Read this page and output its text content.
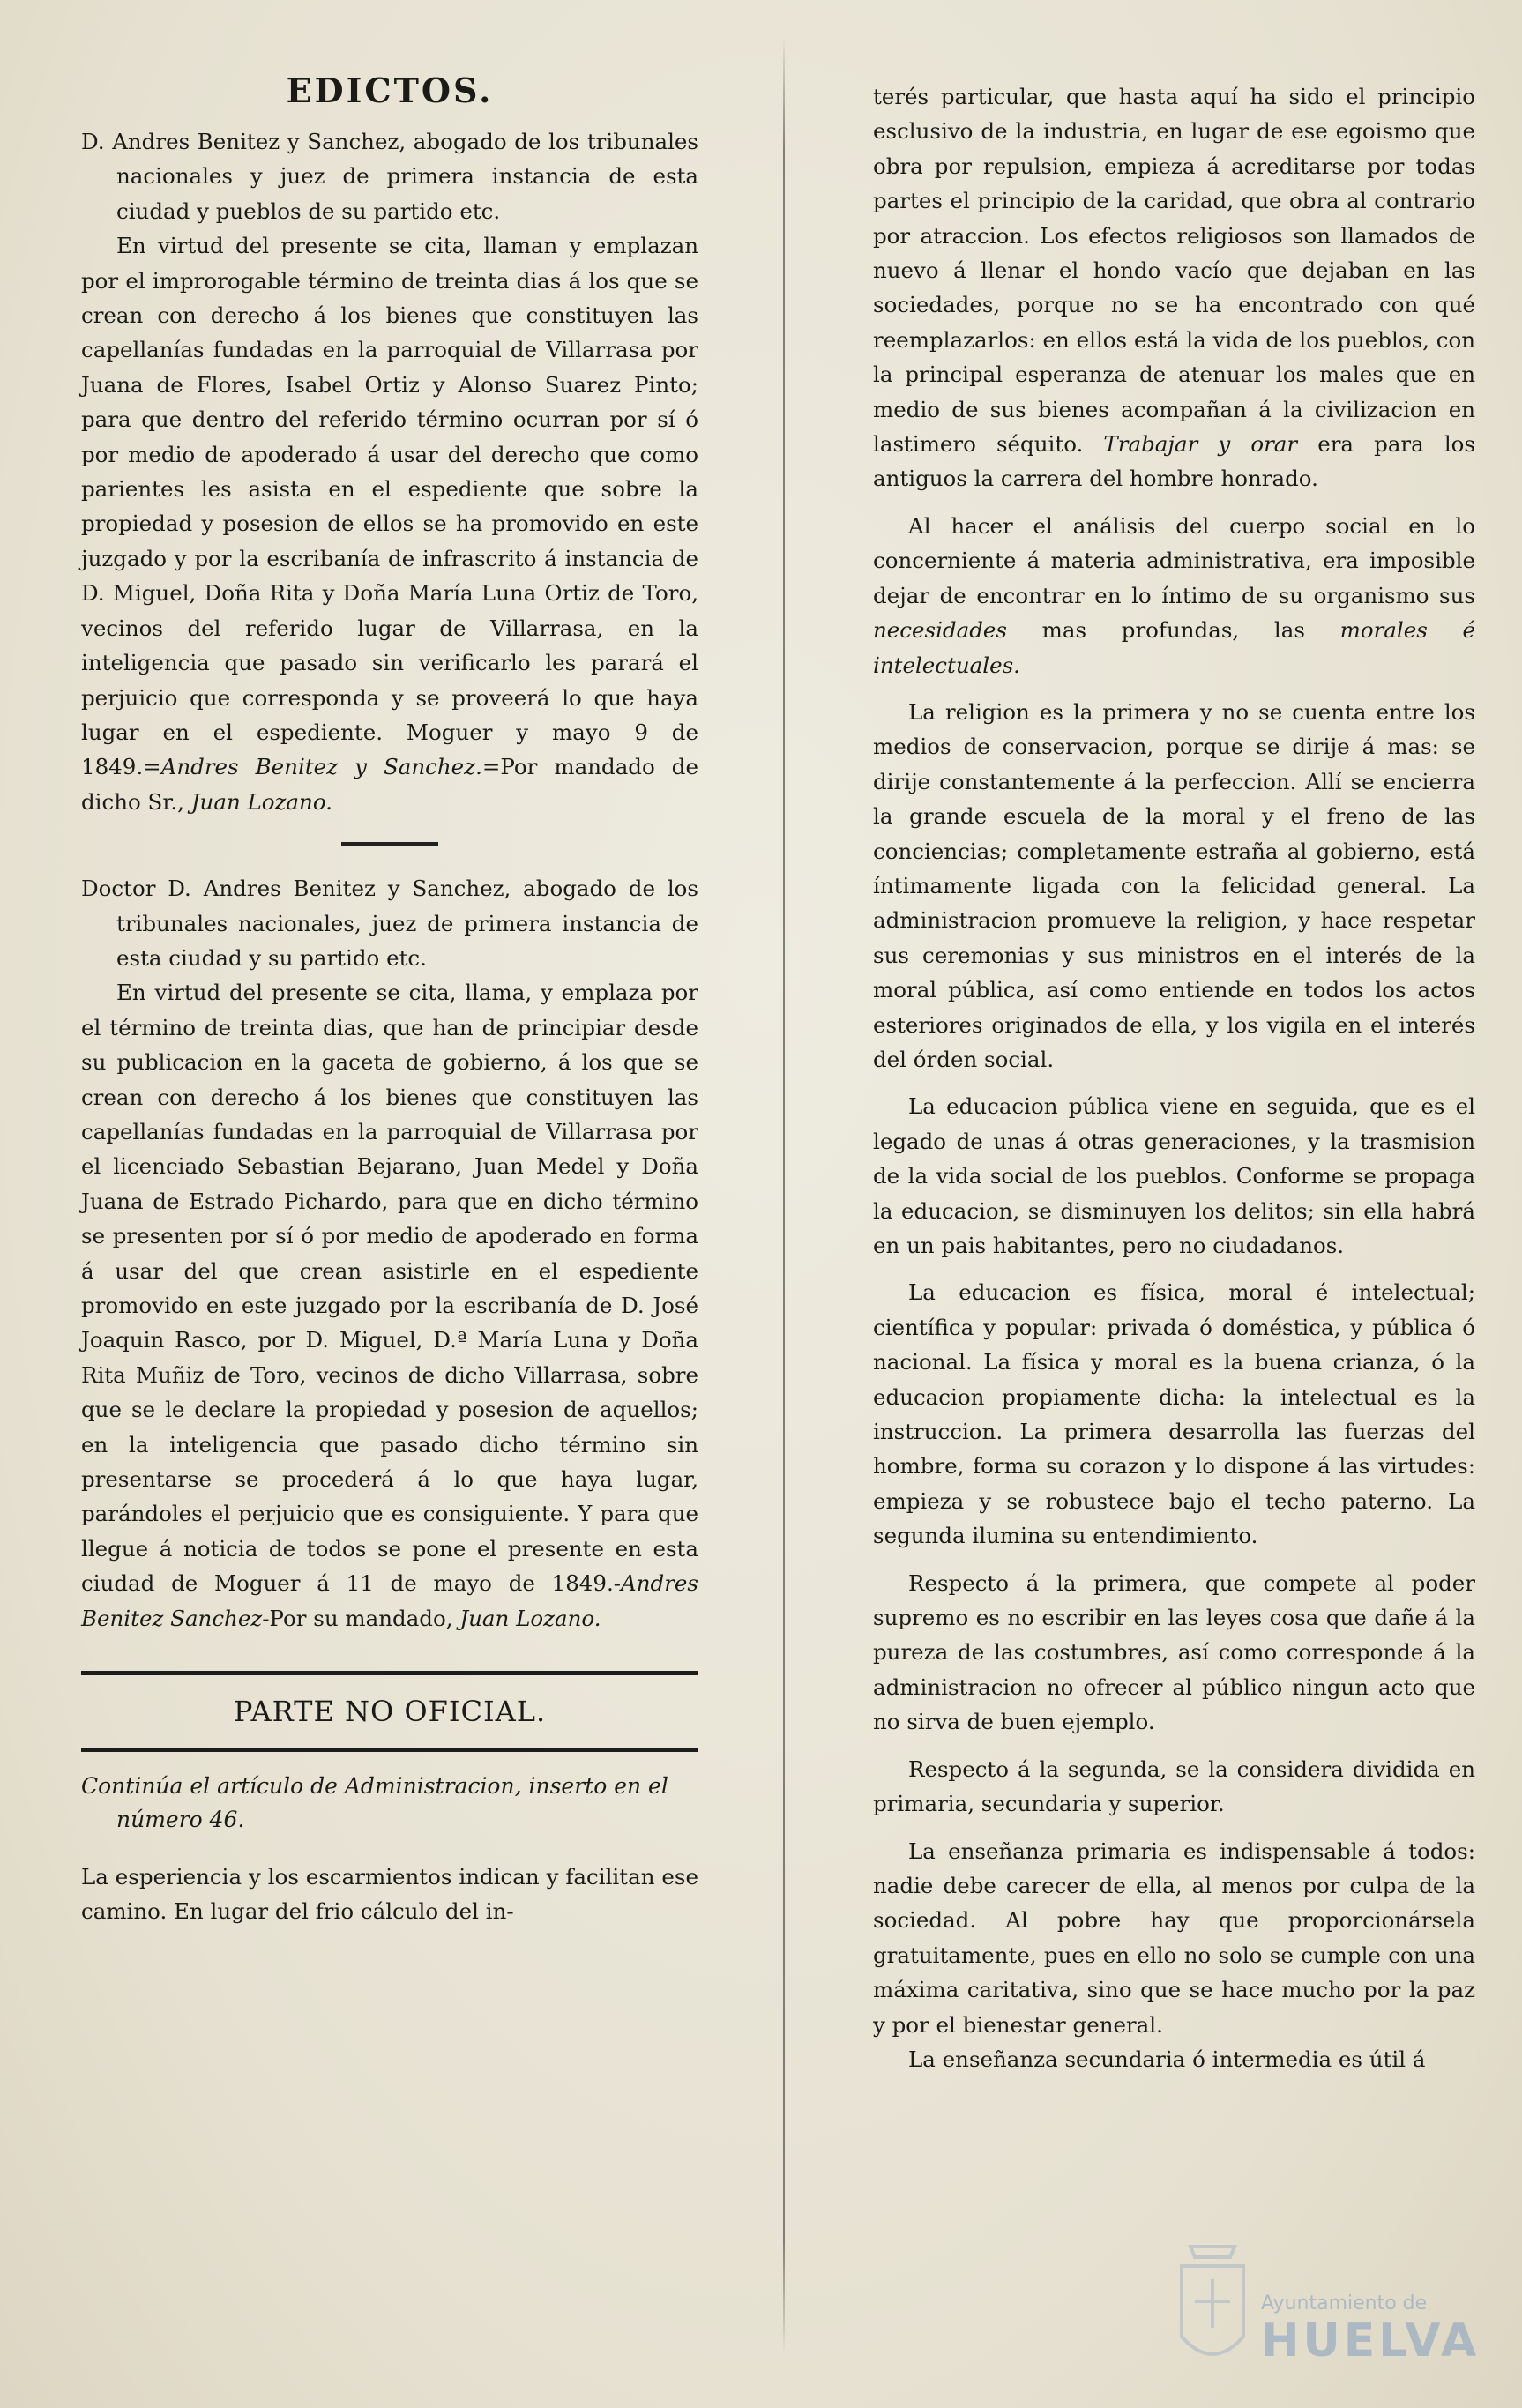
EDICTOS.

D. Andres Benitez y Sanchez, abogado de los tribunales nacionales y juez de primera instancia de esta ciudad y pueblos de su partido etc.

En virtud del presente se cita, llaman y emplazan por el improrogable término de treinta dias á los que se crean con derecho á los bienes que constituyen las capellanías fundadas en la parroquial de Villarrasa por Juana de Flores, Isabel Ortiz y Alonso Suarez Pinto; para que dentro del referido término ocurran por sí ó por medio de apoderado á usar del derecho que como parientes les asista en el espediente que sobre la propiedad y posesion de ellos se ha promovido en este juzgado y por la escribanía de infrascrito á instancia de D. Miguel, Doña Rita y Doña María Luna Ortiz de Toro, vecinos del referido lugar de Villarrasa, en la inteligencia que pasado sin verificarlo les parará el perjuicio que corresponda y se proveerá lo que haya lugar en el espediente. Moguer y mayo 9 de 1849.=Andres Benitez y Sanchez.=Por mandado de dicho Sr., Juan Lozano.

Doctor D. Andres Benitez y Sanchez, abogado de los tribunales nacionales, juez de primera instancia de esta ciudad y su partido etc.

En virtud del presente se cita, llama, y emplaza por el término de treinta dias, que han de principiar desde su publicacion en la gaceta de gobierno, á los que se crean con derecho á los bienes que constituyen las capellanías fundadas en la parroquial de Villarrasa por el licenciado Sebastian Bejarano, Juan Medel y Doña Juana de Estrado Pichardo, para que en dicho término se presenten por sí ó por medio de apoderado en forma á usar del que crean asistirle en el espediente promovido en este juzgado por la escribanía de D. José Joaquin Rasco, por D. Miguel, D.ª María Luna y Doña Rita Muñiz de Toro, vecinos de dicho Villarrasa, sobre que se le declare la propiedad y posesion de aquellos; en la inteligencia que pasado dicho término sin presentarse se procederá á lo que haya lugar, parándoles el perjuicio que es consiguiente. Y para que llegue á noticia de todos se pone el presente en esta ciudad de Moguer á 11 de mayo de 1849.-Andres Benitez Sanchez-Por su mandado, Juan Lozano.

PARTE NO OFICIAL.

Continúa el artículo de Administracion, inserto en el número 46.

La esperiencia y los escarmientos indican y facilitan ese camino. En lugar del frio cálculo del in-

terés particular, que hasta aquí ha sido el principio esclusivo de la industria, en lugar de ese egoismo que obra por repulsion, empieza á acreditarse por todas partes el principio de la caridad, que obra al contrario por atraccion. Los efectos religiosos son llamados de nuevo á llenar el hondo vacío que dejaban en las sociedades, porque no se ha encontrado con qué reemplazarlos: en ellos está la vida de los pueblos, con la principal esperanza de atenuar los males que en medio de sus bienes acompañan á la civilizacion en lastimero séquito. Trabajar y orar era para los antiguos la carrera del hombre honrado.

Al hacer el análisis del cuerpo social en lo concerniente á materia administrativa, era imposible dejar de encontrar en lo íntimo de su organismo sus necesidades mas profundas, las morales é intelectuales.

La religion es la primera y no se cuenta entre los medios de conservacion, porque se dirije á mas: se dirije constantemente á la perfeccion. Allí se encierra la grande escuela de la moral y el freno de las conciencias; completamente estraña al gobierno, está íntimamente ligada con la felicidad general. La administracion promueve la religion, y hace respetar sus ceremonias y sus ministros en el interés de la moral pública, así como entiende en todos los actos esteriores originados de ella, y los vigila en el interés del órden social.

La educacion pública viene en seguida, que es el legado de unas á otras generaciones, y la trasmision de la vida social de los pueblos. Conforme se propaga la educacion, se disminuyen los delitos; sin ella habrá en un pais habitantes, pero no ciudadanos.

La educacion es física, moral é intelectual; científica y popular: privada ó doméstica, y pública ó nacional. La física y moral es la buena crianza, ó la educacion propiamente dicha: la intelectual es la instruccion. La primera desarrolla las fuerzas del hombre, forma su corazon y lo dispone á las virtudes: empieza y se robustece bajo el techo paterno. La segunda ilumina su entendimiento.

Respecto á la primera, que compete al poder supremo es no escribir en las leyes cosa que dañe á la pureza de las costumbres, así como corresponde á la administracion no ofrecer al público ningun acto que no sirva de buen ejemplo.

Respecto á la segunda, se la considera dividida en primaria, secundaria y superior.

La enseñanza primaria es indispensable á todos: nadie debe carecer de ella, al menos por culpa de la sociedad. Al pobre hay que proporcionársela gratuitamente, pues en ello no solo se cumple con una máxima caritativa, sino que se hace mucho por la paz y por el bienestar general.

La enseñanza secundaria ó intermedia es útil á

Ayuntamiento de
HUELVA
